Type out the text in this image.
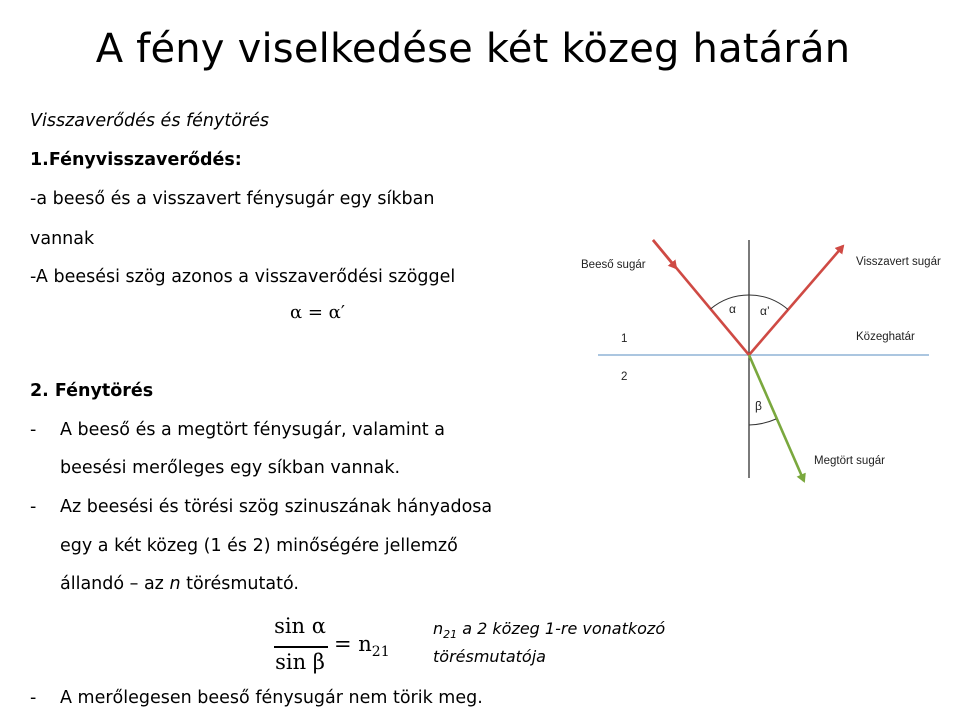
A fény viselkedése két közeg határán
Visszaverődés és fénytörés
1.Fényvisszaverődés:
-a beeső és a visszavert fénysugár egy síkban
vannak
-A beesési szög azonos a visszaverődési szöggel
α = α′
2. Fénytörés
- A beeső és a megtört fénysugár, valamint a
beesési merőleges egy síkban vannak.
- Az beesési és törési szög szinuszának hányadosa
egy a két közeg (1 és 2) minőségére jellemző
állandó – az n törésmutató.
sin α
sin β
= $n_{21}$
$n_{21}$ a 2 közeg 1-re vonatkozó
törésmutatója
- A merőlegesen beeső fénysugár nem törik meg.
Beeső sugár	Visszavert sugár
Közeghatár
Megtört sugár
1
2
α α’
β
